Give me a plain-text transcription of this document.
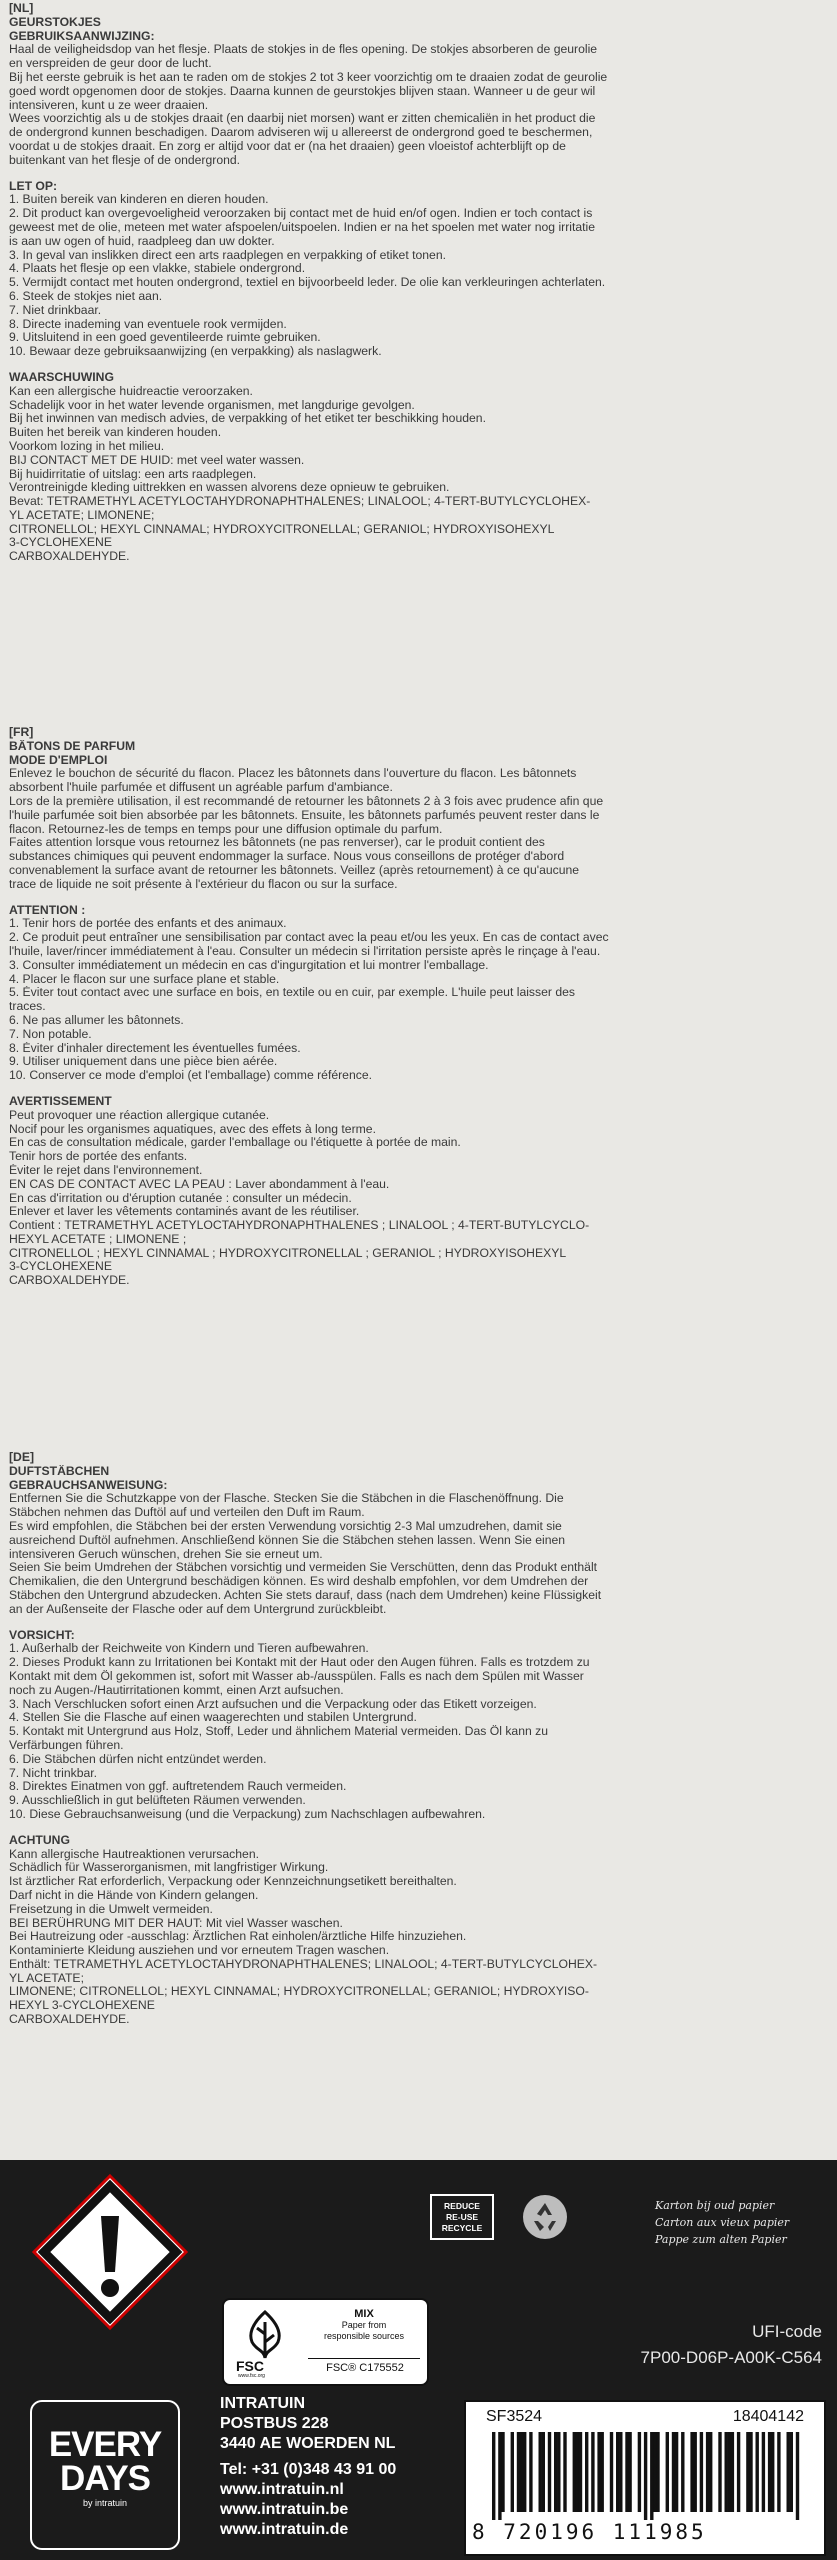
[NL]
GEURSTOKJES
GEBRUIKSAANWIJZING:
Haal de veiligheidsdop van het flesje. Plaats de stokjes in de fles opening. De stokjes absorberen de geurolie
en verspreiden de geur door de lucht.
Bij het eerste gebruik is het aan te raden om de stokjes 2 tot 3 keer voorzichtig om te draaien zodat de geurolie
goed wordt opgenomen door de stokjes. Daarna kunnen de geurstokjes blijven staan. Wanneer u de geur wil
intensiveren, kunt u ze weer draaien.
Wees voorzichtig als u de stokjes draait (en daarbij niet morsen) want er zitten chemicaliën in het product die
de ondergrond kunnen beschadigen. Daarom adviseren wij u allereerst de ondergrond goed te beschermen,
voordat u de stokjes draait. En zorg er altijd voor dat er (na het draaien) geen vloeistof achterblijft op de
buitenkant van het flesje of de ondergrond.
LET OP:
1. Buiten bereik van kinderen en dieren houden.
2. Dit product kan overgevoeligheid veroorzaken bij contact met de huid en/of ogen. Indien er toch contact is
geweest met de olie, meteen met water afspoelen/uitspoelen. Indien er na het spoelen met water nog irritatie
is aan uw ogen of huid, raadpleeg dan uw dokter.
3. In geval van inslikken direct een arts raadplegen en verpakking of etiket tonen.
4. Plaats het flesje op een vlakke, stabiele ondergrond.
5. Vermijdt contact met houten ondergrond, textiel en bijvoorbeeld leder. De olie kan verkleuringen achterlaten.
6. Steek de stokjes niet aan.
7. Niet drinkbaar.
8. Directe inademing van eventuele rook vermijden.
9. Uitsluitend in een goed geventileerde ruimte gebruiken.
10. Bewaar deze gebruiksaanwijzing (en verpakking) als naslagwerk.
WAARSCHUWING
Kan een allergische huidreactie veroorzaken.
Schadelijk voor in het water levende organismen, met langdurige gevolgen.
Bij het inwinnen van medisch advies, de verpakking of het etiket ter beschikking houden.
Buiten het bereik van kinderen houden.
Voorkom lozing in het milieu.
BIJ CONTACT MET DE HUID: met veel water wassen.
Bij huidirritatie of uitslag: een arts raadplegen.
Verontreinigde kleding uittrekken en wassen alvorens deze opnieuw te gebruiken.
Bevat: TETRAMETHYL ACETYLOCTAHYDRONAPHTHALENES; LINALOOL; 4-TERT-BUTYLCYCLOHEX-
YL ACETATE; LIMONENE;
CITRONELLOL; HEXYL CINNAMAL; HYDROXYCITRONELLAL; GERANIOL; HYDROXYISOHEXYL
3-CYCLOHEXENE
CARBOXALDEHYDE.
[FR]
BÂTONS DE PARFUM
MODE D'EMPLOI
Enlevez le bouchon de sécurité du flacon. Placez les bâtonnets dans l'ouverture du flacon. Les bâtonnets
absorbent l'huile parfumée et diffusent un agréable parfum d'ambiance.
Lors de la première utilisation, il est recommandé de retourner les bâtonnets 2 à 3 fois avec prudence afin que
l'huile parfumée soit bien absorbée par les bâtonnets. Ensuite, les bâtonnets parfumés peuvent rester dans le
flacon. Retournez-les de temps en temps pour une diffusion optimale du parfum.
Faites attention lorsque vous retournez les bâtonnets (ne pas renverser), car le produit contient des
substances chimiques qui peuvent endommager la surface. Nous vous conseillons de protéger d'abord
convenablement la surface avant de retourner les bâtonnets. Veillez (après retournement) à ce qu'aucune
trace de liquide ne soit présente à l'extérieur du flacon ou sur la surface.
ATTENTION :
1. Tenir hors de portée des enfants et des animaux.
2. Ce produit peut entraîner une sensibilisation par contact avec la peau et/ou les yeux. En cas de contact avec
l'huile, laver/rincer immédiatement à l'eau. Consulter un médecin si l'irritation persiste après le rinçage à l'eau.
3. Consulter immédiatement un médecin en cas d'ingurgitation et lui montrer l'emballage.
4. Placer le flacon sur une surface plane et stable.
5. Éviter tout contact avec une surface en bois, en textile ou en cuir, par exemple. L'huile peut laisser des
traces.
6. Ne pas allumer les bâtonnets.
7. Non potable.
8. Éviter d'inhaler directement les éventuelles fumées.
9. Utiliser uniquement dans une pièce bien aérée.
10. Conserver ce mode d'emploi (et l'emballage) comme référence.
AVERTISSEMENT
Peut provoquer une réaction allergique cutanée.
Nocif pour les organismes aquatiques, avec des effets à long terme.
En cas de consultation médicale, garder l'emballage ou l'étiquette à portée de main.
Tenir hors de portée des enfants.
Éviter le rejet dans l'environnement.
EN CAS DE CONTACT AVEC LA PEAU : Laver abondamment à l'eau.
En cas d'irritation ou d'éruption cutanée : consulter un médecin.
Enlever et laver les vêtements contaminés avant de les réutiliser.
Contient : TETRAMETHYL ACETYLOCTAHYDRONAPHTHALENES ; LINALOOL ; 4-TERT-BUTYLCYCLO-
HEXYL ACETATE ; LIMONENE ;
CITRONELLOL ; HEXYL CINNAMAL ; HYDROXYCITRONELLAL ; GERANIOL ; HYDROXYISOHEXYL
3-CYCLOHEXENE
CARBOXALDEHYDE.
[DE]
DUFTSTÄBCHEN
GEBRAUCHSANWEISUNG:
Entfernen Sie die Schutzkappe von der Flasche. Stecken Sie die Stäbchen in die Flaschenöffnung. Die
Stäbchen nehmen das Duftöl auf und verteilen den Duft im Raum.
Es wird empfohlen, die Stäbchen bei der ersten Verwendung vorsichtig 2-3 Mal umzudrehen, damit sie
ausreichend Duftöl aufnehmen. Anschließend können Sie die Stäbchen stehen lassen. Wenn Sie einen
intensiveren Geruch wünschen, drehen Sie sie erneut um.
Seien Sie beim Umdrehen der Stäbchen vorsichtig und vermeiden Sie Verschütten, denn das Produkt enthält
Chemikalien, die den Untergrund beschädigen können. Es wird deshalb empfohlen, vor dem Umdrehen der
Stäbchen den Untergrund abzudecken. Achten Sie stets darauf, dass (nach dem Umdrehen) keine Flüssigkeit
an der Außenseite der Flasche oder auf dem Untergrund zurückbleibt.
VORSICHT:
1. Außerhalb der Reichweite von Kindern und Tieren aufbewahren.
2. Dieses Produkt kann zu Irritationen bei Kontakt mit der Haut oder den Augen führen. Falls es trotzdem zu
Kontakt mit dem Öl gekommen ist, sofort mit Wasser ab-/ausspülen. Falls es nach dem Spülen mit Wasser
noch zu Augen-/Hautirritationen kommt, einen Arzt aufsuchen.
3. Nach Verschlucken sofort einen Arzt aufsuchen und die Verpackung oder das Etikett vorzeigen.
4. Stellen Sie die Flasche auf einen waagerechten und stabilen Untergrund.
5. Kontakt mit Untergrund aus Holz, Stoff, Leder und ähnlichem Material vermeiden. Das Öl kann zu
Verfärbungen führen.
6. Die Stäbchen dürfen nicht entzündet werden.
7. Nicht trinkbar.
8. Direktes Einatmen von ggf. auftretendem Rauch vermeiden.
9. Ausschließlich in gut belüfteten Räumen verwenden.
10. Diese Gebrauchsanweisung (und die Verpackung) zum Nachschlagen aufbewahren.
ACHTUNG
Kann allergische Hautreaktionen verursachen.
Schädlich für Wasserorganismen, mit langfristiger Wirkung.
Ist ärztlicher Rat erforderlich, Verpackung oder Kennzeichnungsetikett bereithalten.
Darf nicht in die Hände von Kindern gelangen.
Freisetzung in die Umwelt vermeiden.
BEI BERÜHRUNG MIT DER HAUT: Mit viel Wasser waschen.
Bei Hautreizung oder -ausschlag: Ärztlichen Rat einholen/ärztliche Hilfe hinzuziehen.
Kontaminierte Kleidung ausziehen und vor erneutem Tragen waschen.
Enthält: TETRAMETHYL ACETYLOCTAHYDRONAPHTHALENES; LINALOOL; 4-TERT-BUTYLCYCLOHEX-
YL ACETATE;
LIMONENE; CITRONELLOL; HEXYL CINNAMAL; HYDROXYCITRONELLAL; GERANIOL; HYDROXYISO-
HEXYL 3-CYCLOHEXENE
CARBOXALDEHYDE.
REDUCE
RE-USE
RECYCLE
Karton bij oud papier
Carton aux vieux papier
Pappe zum alten Papier
FSC
www.fsc.org
MIX
Paper from
responsible sources
FSC® C175552
UFI-code
7P00-D06P-A00K-C564
EVERY
DAYS
by intratuin
INTRATUIN
POSTBUS 228
3440 AE WOERDEN NL
Tel: +31 (0)348 43 91 00
www.intratuin.nl
www.intratuin.be
www.intratuin.de
SF3524	18404142
8 720196 111985
